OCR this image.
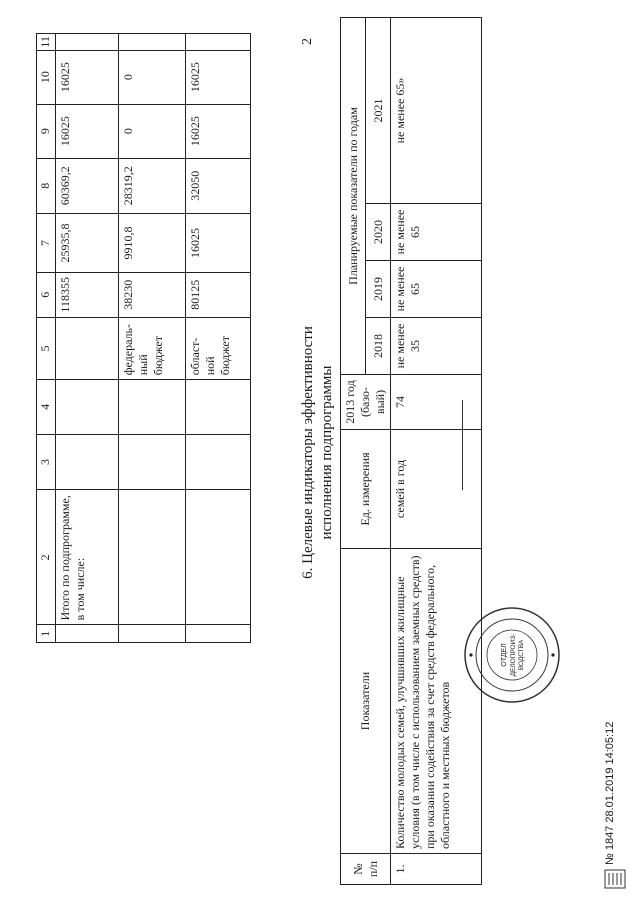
1	2	3	4	5	6	7	8	9	10	11
	Итого по подпрограмме, в том числе:				118355	25935,8	60369,2	16025	16025	
				федераль-ный бюджет	38230	9910,8	28319,2	0	0	
				област-ной бюджет	80125	16025	32050	16025	16025	
6. Целевые индикаторы эффективности исполнения подпрограммы
№ п/п	Показатели	Ед. измерения	2013 год (базо-вый)	Планируемые показатели по годам			
				2018	2019	2020	2021
1.	Количество молодых семей, улучшивших жилищные условия (в том числе с использованием заемных средств) при оказании содействия за счет средств федерального, областного и местных бюджетов	семей в год	74	не менее 35	не менее 65	не менее 65	не менее 65»
ОТДЕЛ ДЕЛОПРОИЗ- ВОДСТВА
2
№ 1847 28.01.2019 14:05:12
